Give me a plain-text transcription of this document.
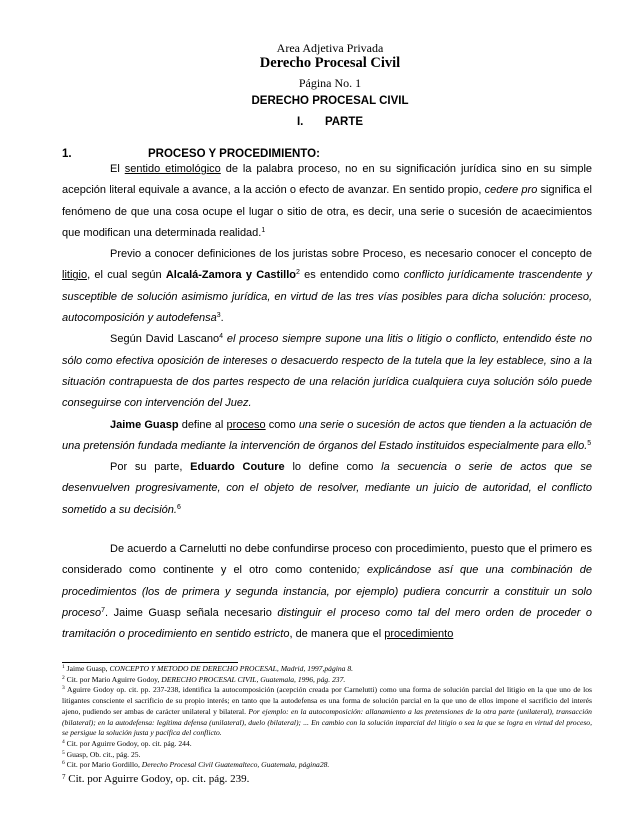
Area Adjetiva Privada
Derecho Procesal Civil
Página No. 1
DERECHO PROCESAL CIVIL
I. PARTE
1.	PROCESO Y PROCEDIMIENTO:

El sentido etimológico de la palabra proceso, no en su significación jurídica sino en su simple acepción literal equivale a avance, a la acción o efecto de avanzar. En sentido propio, cedere pro significa el fenómeno de que una cosa ocupe el lugar o sitio de otra, es decir, una serie o sucesión de acaecimientos que modifican una determinada realidad.$^1$

Previo a conocer definiciones de los juristas sobre Proceso, es necesario conocer el concepto de litigio, el cual según Alcalá-Zamora y Castillo$^2$ es entendido como conflicto jurídicamente trascendente y susceptible de solución asimismo jurídica, en virtud de las tres vías posibles para dicha solución: proceso, autocomposición y autodefensa$^3$.

Según David Lascano$^4$ el proceso siempre supone una litis o litigio o conflicto, entendido éste no sólo como efectiva oposición de intereses o desacuerdo respecto de la tutela que la ley establece, sino a la situación contrapuesta de dos partes respecto de una relación jurídica cualquiera cuya solución sólo puede conseguirse con intervención del Juez.

Jaime Guasp define al proceso como una serie o sucesión de actos que tienden a la actuación de una pretensión fundada mediante la intervención de órganos del Estado instituidos especialmente para ello.$^5$

Por su parte, Eduardo Couture lo define como la secuencia o serie de actos que se desenvuelven progresivamente, con el objeto de resolver, mediante un juicio de autoridad, el conflicto sometido a su decisión.$^6$

De acuerdo a Carnelutti no debe confundirse proceso con procedimiento, puesto que el primero es considerado como continente y el otro como contenido; explicándose así que una combinación de procedimientos (los de primera y segunda instancia, por ejemplo) pudiera concurrir a constituir un solo proceso$^7$. Jaime Guasp señala necesario distinguir el proceso como tal del mero orden de proceder o tramitación o procedimiento en sentido estricto, de manera que el procedimiento

$^1$ Jaime Guasp, CONCEPTO Y METODO DE DERECHO PROCESAL, Madrid, 1997,página 8.

$^2$ Cit. por Mario Aguirre Godoy, DERECHO PROCESAL CIVIL, Guatemala, 1996, pág. 237.

$^3$ Aguirre Godoy op. cit. pp. 237-238, identifica la autocomposición (acepción creada por Carnelutti) como una forma de solución parcial del litigio en la que uno de los litigantes consciente el sacrificio de su propio interés; en tanto que la autodefensa es una forma de solución parcial en la que uno de ellos impone el sacrificio del interés ajeno, pudiendo ser ambas de carácter unilateral y bilateral. Por ejemplo: en la autocomposición: allanamiento a las pretensiones de la otra parte (unilateral), transacción (bilateral); en la autodefensa: legítima defensa (unilateral), duelo (bilateral); ... En cambio con la solución imparcial del litigio o sea la que se logra en virtud del proceso, se persigue la solución justa y pacífica del conflicto.

$^4$ Cit. por Aguirre Godoy, op. cit. pág. 244.

$^5$ Guasp, Ob. cit., pág. 25.

$^6$ Cit. por Mario Gordillo, Derecho Procesal Civil Guatemalteco, Guatemala, página28.

$^7$ Cit. por Aguirre Godoy, op. cit. pág. 239.
